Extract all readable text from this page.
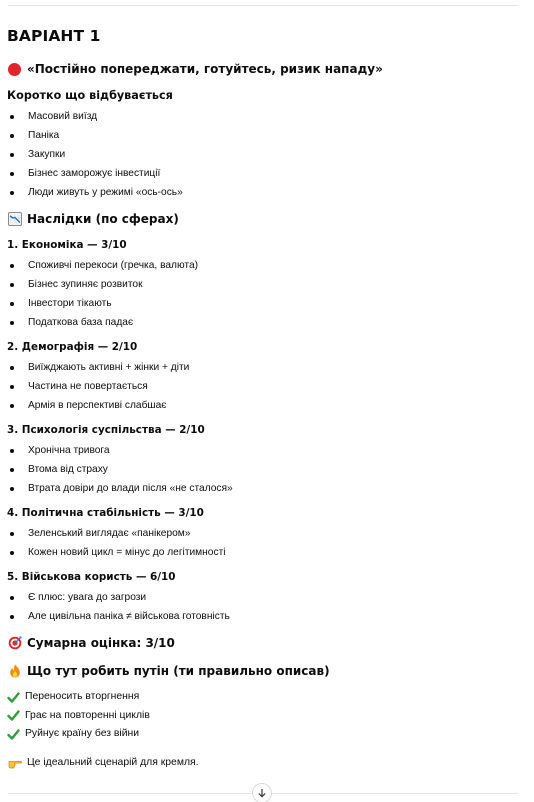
ВАРІАНТ 1
«Постійно попереджати, готуйтесь, ризик нападу»
Коротко що відбувається
Масовий виїзд
Паніка
Закупки
Бізнес заморожує інвестиції
Люди живуть у режимі «ось-ось»
Наслідки (по сферах)
1. Економіка — 3/10
Споживчі перекоси (гречка, валюта)
Бізнес зупиняє розвиток
Інвестори тікають
Податкова база падає
2. Демографія — 2/10
Виїжджають активні + жінки + діти
Частина не повертається
Армія в перспективі слабшає
3. Психологія суспільства — 2/10
Хронічна тривога
Втома від страху
Втрата довіри до влади після «не сталося»
4. Політична стабільність — 3/10
Зеленський виглядає «панікером»
Кожен новий цикл = мінус до легітимності
5. Військова користь — 6/10
Є плюс: увага до загрози
Але цивільна паніка ≠ військова готовність
Сумарна оцінка: 3/10
Що тут робить путін (ти правильно описав)
Переносить вторгнення
Грає на повторенні циклів
Руйнує країну без війни
Це ідеальний сценарій для кремля.
